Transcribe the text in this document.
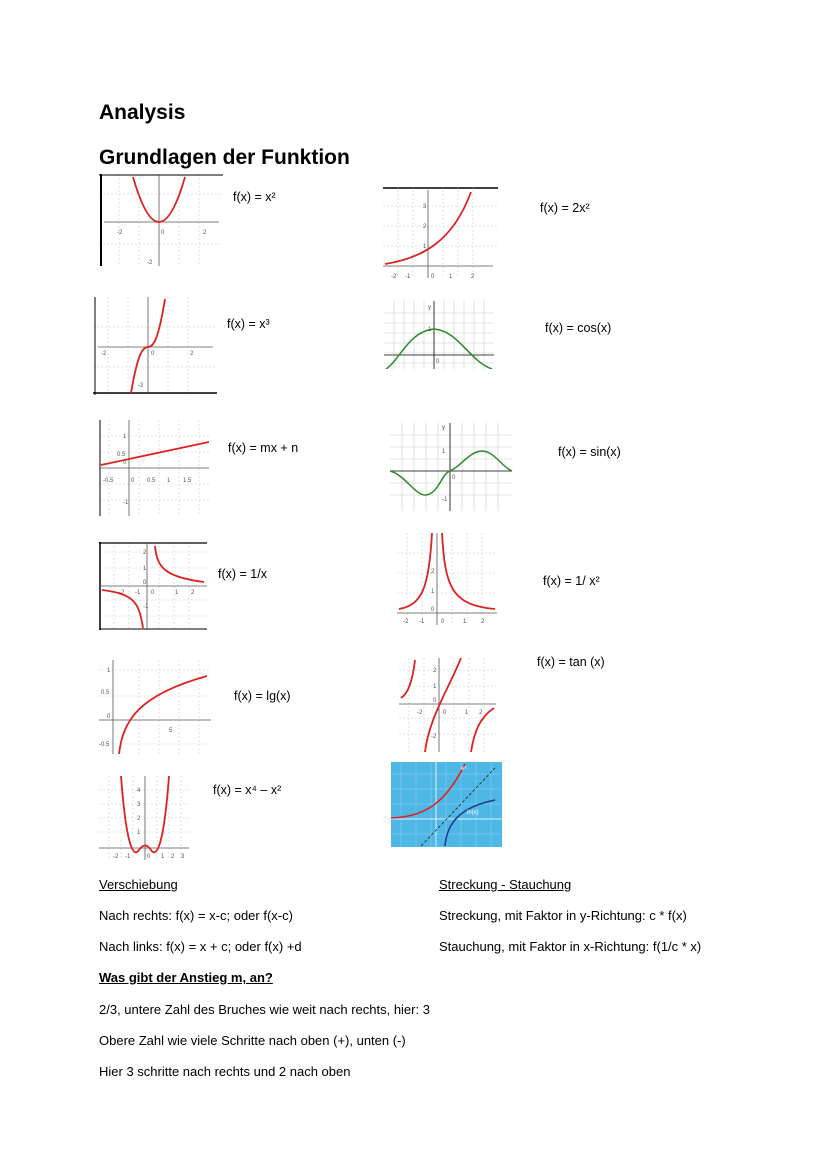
Analysis
Grundlagen der Funktion
-2	0	2
-2
f(x) = x²
-2 -1	0 1	2
3
2
1
f(x) = 2x²
-2	0	2
-2
f(x) = x³
y
1
0
f(x) = cos(x)
1
0.5
0
-0.5	0 0.5 1 1.5
-1
f(x) = mx + n
y
1
0
-1
f(x) = sin(x)
2
1
0
-2 -1 0	1 2
-1
f(x) = 1/x
-2 -1	0	1 2
2
1
0
f(x) = 1/ x²
f(x) = tan (x)
1
0.5
0
-0.5
5
f(x) = lg(x)
2
1
0
-2	0	1 2
-2
4
3
2
1
-2 -1	0 1 2 3
f(x) = x⁴ – x²
eˣ
ln(x)
Verschiebung	Streckung - Stauchung
Nach rechts: f(x) = x-c; oder f(x-c)	Streckung, mit Faktor in y-Richtung: c * f(x)
Nach links: f(x) = x + c; oder f(x) +d	Stauchung, mit Faktor in x-Richtung: f(1/c * x)
Was gibt der Anstieg m, an?
2/3, untere Zahl des Bruches wie weit nach rechts, hier: 3
Obere Zahl wie viele Schritte nach oben (+), unten (-)
Hier 3 schritte nach rechts und 2 nach oben
